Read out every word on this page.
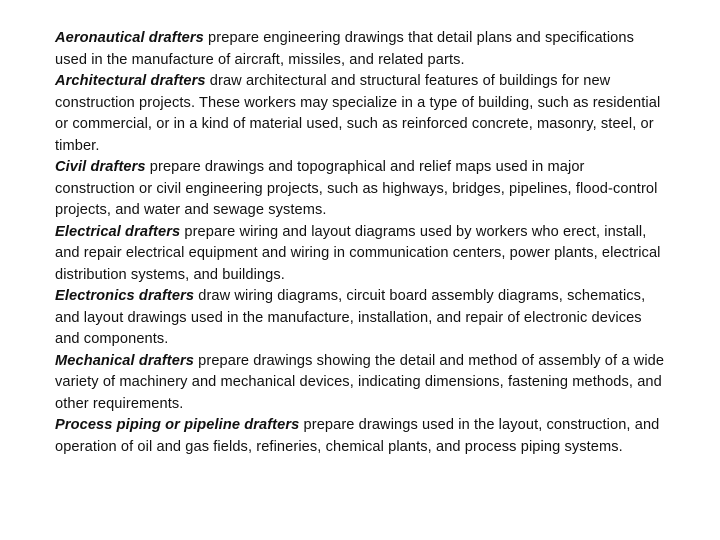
Aeronautical drafters prepare engineering drawings that detail plans and specifications used in the manufacture of aircraft, missiles, and related parts.

Architectural drafters draw architectural and structural features of buildings for new construction projects. These workers may specialize in a type of building, such as residential or commercial, or in a kind of material used, such as reinforced concrete, masonry, steel, or timber.

Civil drafters prepare drawings and topographical and relief maps used in major construction or civil engineering projects, such as highways, bridges, pipelines, flood-control projects, and water and sewage systems.

Electrical drafters prepare wiring and layout diagrams used by workers who erect, install, and repair electrical equipment and wiring in communication centers, power plants, electrical distribution systems, and buildings.

Electronics drafters draw wiring diagrams, circuit board assembly diagrams, schematics, and layout drawings used in the manufacture, installation, and repair of electronic devices and components.

Mechanical drafters prepare drawings showing the detail and method of assembly of a wide variety of machinery and mechanical devices, indicating dimensions, fastening methods, and other requirements.

Process piping or pipeline drafters prepare drawings used in the layout, construction, and operation of oil and gas fields, refineries, chemical plants, and process piping systems.
